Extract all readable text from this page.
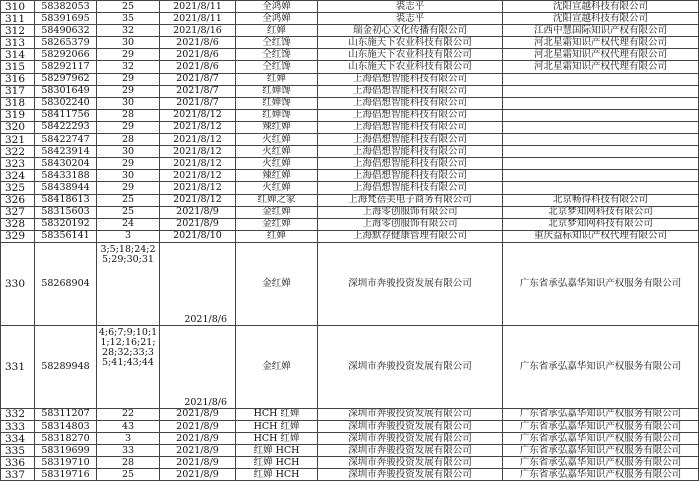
310	58382053	25	2021/8/11	全鸿婵	裘志平	沈阳宣越科技有限公司
311	58391695	35	2021/8/11	全鸿婵	裘志平	沈阳宣越科技有限公司
312	58490632	32	2021/8/16	红婵	瑞金初心文化传播有限公司	江西中慧国际知识产权有限公司
313	58265379	30	2021/8/6	仝红馋	山东施天下农业科技有限公司	河北星霜知识产权代理有限公司
314	58292066	29	2021/8/6	仝红馋	山东施天下农业科技有限公司	河北星霜知识产权代理有限公司
315	58292117	32	2021/8/6	仝红馋	山东施天下农业科技有限公司	河北星霜知识产权代理有限公司
316	58297962	29	2021/8/7	红婵	上海倡想智能科技有限公司	
317	58301649	29	2021/8/7	红婵馋	上海倡想智能科技有限公司	
318	58302240	30	2021/8/7	红婵馋	上海倡想智能科技有限公司	
319	58411756	28	2021/8/12	红婵馋	上海倡想智能科技有限公司	
320	58422293	29	2021/8/12	辣红婵	上海倡想智能科技有限公司	
321	58422747	28	2021/8/12	火红婵	上海倡想智能科技有限公司	
322	58423914	30	2021/8/12	火红婵	上海倡想智能科技有限公司	
323	58430204	29	2021/8/12	火红婵	上海倡想智能科技有限公司	
324	58433188	30	2021/8/12	辣红婵	上海倡想智能科技有限公司	
325	58438944	29	2021/8/12	火红婵	上海倡想智能科技有限公司	
326	58418613	25	2021/8/12	红婵之家	上海梵蓓美电子商务有限公司	北京畅得科技有限公司
327	58315603	25	2021/8/9	金红婵	上海零创服饰有限公司	北京梦知网科技有限公司
328	58320192	24	2021/8/9	金红婵	上海零创服饰有限公司	北京梦知网科技有限公司
329	58356141	3	2021/8/10	红婵	上海默存健康管理有限公司	重庆益标知识产权代理有限公司
330	58268904	3;5;18;24;25;29;30;31	2021/8/6	金红婵	深圳市奔骏投资发展有限公司	广东省承弘嘉华知识产权服务有限公司
331	58289948	4;6;7;9;10;11;12;16;21;28;32;33;35;41;43;44	2021/8/6	金红婵	深圳市奔骏投资发展有限公司	广东省承弘嘉华知识产权服务有限公司
332	58311207	22	2021/8/9	HCH 红婵	深圳市奔骏投资发展有限公司	广东省承弘嘉华知识产权服务有限公司
333	58314803	43	2021/8/9	HCH 红婵	深圳市奔骏投资发展有限公司	广东省承弘嘉华知识产权服务有限公司
334	58318270	3	2021/8/9	HCH 红婵	深圳市奔骏投资发展有限公司	广东省承弘嘉华知识产权服务有限公司
335	58319699	33	2021/8/9	红婵 HCH	深圳市奔骏投资发展有限公司	广东省承弘嘉华知识产权服务有限公司
336	58319710	28	2021/8/9	红婵 HCH	深圳市奔骏投资发展有限公司	广东省承弘嘉华知识产权服务有限公司
337	58319716	25	2021/8/9	红婵 HCH	深圳市奔骏投资发展有限公司	广东省承弘嘉华知识产权服务有限公司
